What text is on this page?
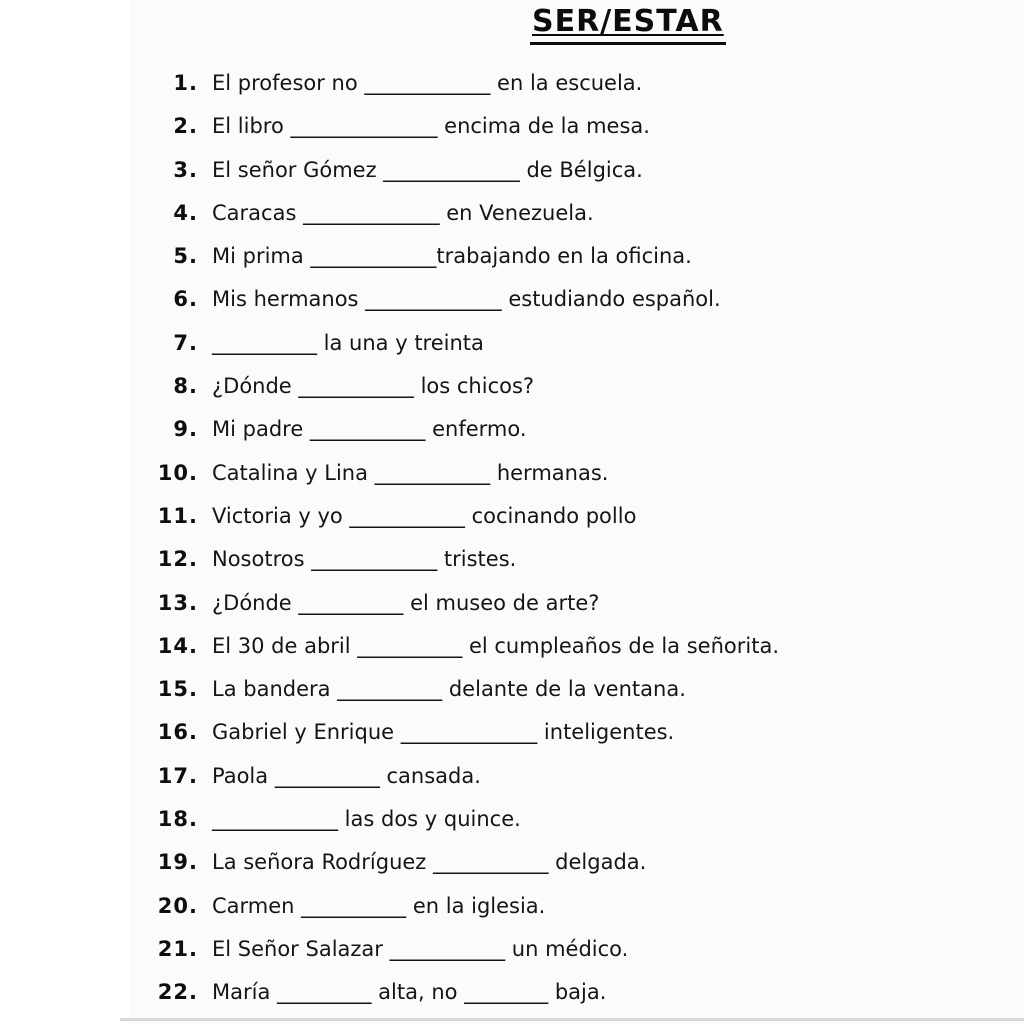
SER/ESTAR
1. El profesor no ____________ en la escuela.
2. El libro ______________ encima de la mesa.
3. El señor Gómez _____________ de Bélgica.
4. Caracas _____________ en Venezuela.
5. Mi prima ____________trabajando en la oficina.
6. Mis hermanos _____________ estudiando español.
7. __________ la una y treinta
8. ¿Dónde ___________ los chicos?
9. Mi padre ___________ enfermo.
10. Catalina y Lina ___________ hermanas.
11. Victoria y yo ___________ cocinando pollo
12. Nosotros ____________ tristes.
13. ¿Dónde __________ el museo de arte?
14. El 30 de abril __________ el cumpleaños de la señorita.
15. La bandera __________ delante de la ventana.
16. Gabriel y Enrique _____________ inteligentes.
17. Paola __________ cansada.
18. ____________ las dos y quince.
19. La señora Rodríguez ___________ delgada.
20. Carmen __________ en la iglesia.
21. El Señor Salazar ___________ un médico.
22. María _________ alta, no ________ baja.
